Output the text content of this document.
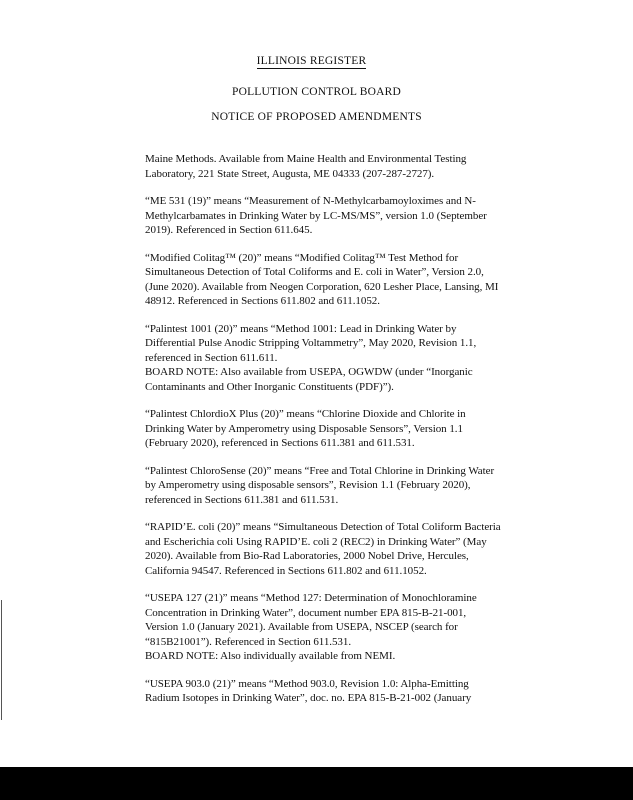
ILLINOIS REGISTER
POLLUTION CONTROL BOARD
NOTICE OF PROPOSED AMENDMENTS
Maine Methods. Available from Maine Health and Environmental Testing
Laboratory, 221 State Street, Augusta, ME 04333 (207-287-2727).
“ME 531 (19)” means “Measurement of N-Methylcarbamoyloximes and N-
Methylcarbamates in Drinking Water by LC-MS/MS”, version 1.0 (September
2019). Referenced in Section 611.645.
“Modified Colitag™ (20)” means “Modified Colitag™ Test Method for
Simultaneous Detection of Total Coliforms and E. coli in Water”, Version 2.0,
(June 2020). Available from Neogen Corporation, 620 Lesher Place, Lansing, MI
48912. Referenced in Sections 611.802 and 611.1052.
“Palintest 1001 (20)” means “Method 1001: Lead in Drinking Water by
Differential Pulse Anodic Stripping Voltammetry”, May 2020, Revision 1.1,
referenced in Section 611.611.
BOARD NOTE: Also available from USEPA, OGWDW (under “Inorganic
Contaminants and Other Inorganic Constituents (PDF)”).
“Palintest ChlordioX Plus (20)” means “Chlorine Dioxide and Chlorite in
Drinking Water by Amperometry using Disposable Sensors”, Version 1.1
(February 2020), referenced in Sections 611.381 and 611.531.
“Palintest ChloroSense (20)” means “Free and Total Chlorine in Drinking Water
by Amperometry using disposable sensors”, Revision 1.1 (February 2020),
referenced in Sections 611.381 and 611.531.
“RAPID’E. coli (20)” means “Simultaneous Detection of Total Coliform Bacteria
and Escherichia coli Using RAPID’E. coli 2 (REC2) in Drinking Water” (May
2020). Available from Bio-Rad Laboratories, 2000 Nobel Drive, Hercules,
California 94547. Referenced in Sections 611.802 and 611.1052.
“USEPA 127 (21)” means “Method 127: Determination of Monochloramine
Concentration in Drinking Water”, document number EPA 815-B-21-001,
Version 1.0 (January 2021). Available from USEPA, NSCEP (search for
“815B21001”). Referenced in Section 611.531.
BOARD NOTE: Also individually available from NEMI.
“USEPA 903.0 (21)” means “Method 903.0, Revision 1.0: Alpha-Emitting
Radium Isotopes in Drinking Water”, doc. no. EPA 815-B-21-002 (January
